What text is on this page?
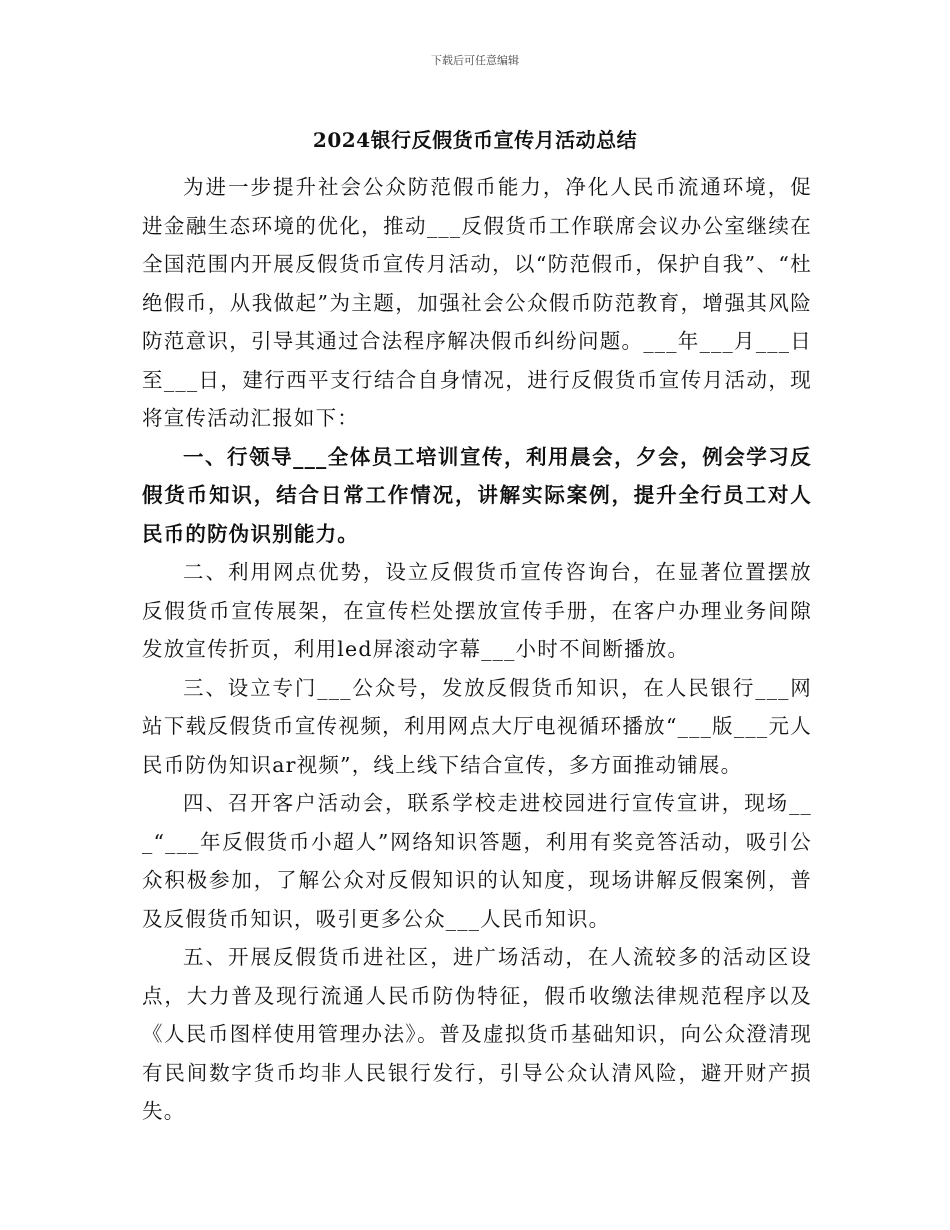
下载后可任意编辑
2024银行反假货币宣传月活动总结

为进一步提升社会公众防范假币能力，净化人民币流通环境，促进金融生态环境的优化，推动___反假货币工作联席会议办公室继续在全国范围内开展反假货币宣传月活动，以“防范假币，保护自我”、“杜绝假币，从我做起”为主题，加强社会公众假币防范教育，增强其风险防范意识，引导其通过合法程序解决假币纠纷问题。___年___月___日至___日，建行西平支行结合自身情况，进行反假货币宣传月活动，现将宣传活动汇报如下：

一、行领导___全体员工培训宣传，利用晨会，夕会，例会学习反假货币知识，结合日常工作情况，讲解实际案例，提升全行员工对人民币的防伪识别能力。

二、利用网点优势，设立反假货币宣传咨询台，在显著位置摆放反假货币宣传展架，在宣传栏处摆放宣传手册，在客户办理业务间隙发放宣传折页，利用led屏滚动字幕___小时不间断播放。

三、设立专门___公众号，发放反假货币知识，在人民银行___网站下载反假货币宣传视频，利用网点大厅电视循环播放“___版___元人民币防伪知识ar视频”，线上线下结合宣传，多方面推动铺展。

四、召开客户活动会，联系学校走进校园进行宣传宣讲，现场___“___年反假货币小超人”网络知识答题，利用有奖竞答活动，吸引公众积极参加，了解公众对反假知识的认知度，现场讲解反假案例，普及反假货币知识，吸引更多公众___人民币知识。

五、开展反假货币进社区，进广场活动，在人流较多的活动区设点，大力普及现行流通人民币防伪特征，假币收缴法律规范程序以及《人民币图样使用管理办法》。普及虚拟货币基础知识，向公众澄清现有民间数字货币均非人民银行发行，引导公众认清风险，避开财产损失。
